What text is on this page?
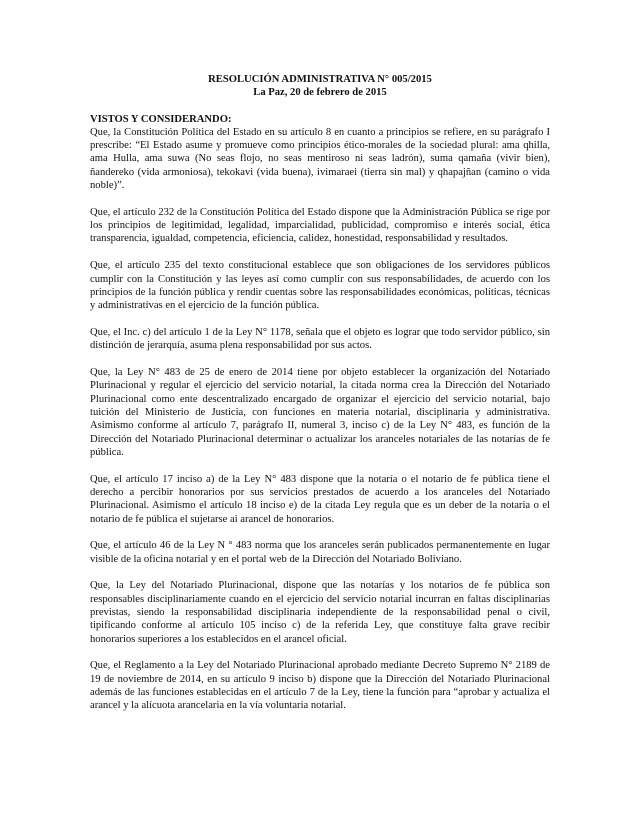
RESOLUCIÓN ADMINISTRATIVA N° 005/2015

La Paz, 20 de febrero de 2015

VISTOS Y CONSIDERANDO:

Que, la Constitución Política del Estado en su artículo 8 en cuanto a principios se refiere, en su parágrafo I prescribe: “El Estado asume y promueve como principios ético-morales de la sociedad plural: ama qhilla, ama Hulla, ama suwa (No seas flojo, no seas mentiroso ni seas ladrón), suma qamaña (vivir bien), ñandereko (vida armoniosa), tekokavi (vida buena), ivimaraei (tierra sin mal) y qhapajñan (camino o vida noble)”.

Que, el artículo 232 de la Constitución Política del Estado dispone que la Administración Pública se rige por los principios de legitimidad, legalidad, imparcialidad, publicidad, compromiso e interés social, ética transparencia, igualdad, competencia, eficiencia, calidez, honestidad, responsabilidad y resultados.

Que, el artículo 235 del texto constitucional establece que son obligaciones de los servidores públicos cumplir con la Constitución y las leyes así como cumplir con sus responsabilidades, de acuerdo con los principios de la función pública y rendir cuentas sobre las responsabilidades económicas, políticas, técnicas y administrativas en el ejercicio de la función pública.

Que, el Inc. c) del artículo 1 de la Ley N° 1178, señala que el objeto es lograr que todo servidor público, sin distinción de jerarquía, asuma plena responsabilidad por sus actos.

Que, la Ley N° 483 de 25 de enero de 2014 tiene por objeto establecer la organización del Notariado Plurinacional y regular el ejercicio del servicio notarial, la citada norma crea la Dirección del Notariado Plurinacional como ente descentralizado encargado de organizar el ejercicio del servicio notarial, bajo tuición del Ministerio de Justicia, con funciones en materia notarial, disciplinaria y administrativa. Asimismo conforme al artículo 7, parágrafo II, numeral 3, inciso c) de la Ley N° 483, es función de la Dirección del Notariado Plurinacional determinar o actualizar los aranceles notariales de las notarías de fe pública.

Que, el artículo 17 inciso a) de la Ley N° 483 dispone que la notaría o el notario de fe pública tiene el derecho a percibir honorarios por sus servicios prestados de acuerdo a los aranceles del Notariado Plurinacional. Asimismo el artículo 18 inciso e) de la citada Ley regula que es un deber de la notaria o el notario de fe pública el sujetarse ai arancel de honorarios.

Que, el artículo 46 de la Ley N ° 483 norma que los aranceles serán publicados permanentemente en lugar visible de la oficina notarial y en el portal web de la Dirección del Notariado Boliviano.

Que, la Ley del Notariado Plurinacional, dispone que las notarías y los notarios de fe pública son responsables disciplinariamente cuando en el ejercicio del servicio notarial incurran en faltas disciplinarias previstas, siendo la responsabilidad disciplinaria independiente de la responsabilidad penal o civil, tipificando conforme al artículo 105 inciso c) de la referida Ley, que constituye falta grave recibir honorarios superiores a los establecidos en el arancel oficial.

Que, el Reglamento a la Ley del Notariado Plurinacional aprobado mediante Decreto Supremo N° 2189 de 19 de noviembre de 2014, en su artículo 9 inciso b) dispone que la Dirección del Notariado Plurinacional además de las funciones establecidas en el artículo 7 de la Ley, tiene la función para “aprobar y actualiza el arancel y la alícuota arancelaria en la vía voluntaria notarial.
